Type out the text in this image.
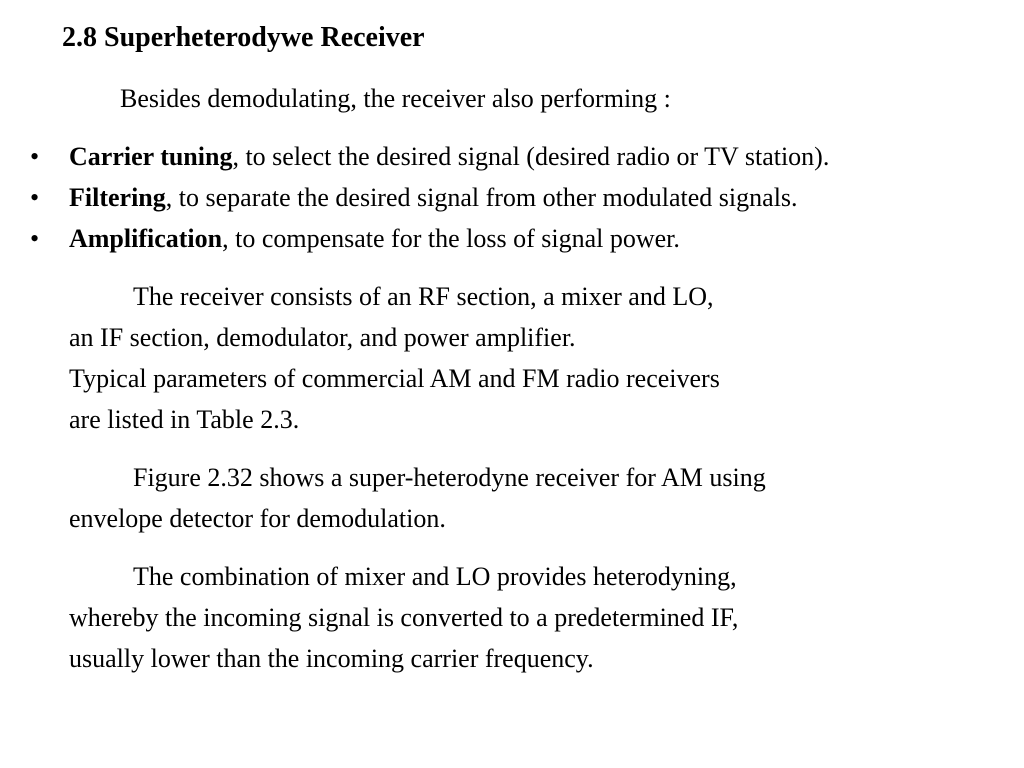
2.8 Superheterodywe Receiver
Besides demodulating, the receiver also performing :
• Carrier tuning, to select the desired signal (desired radio or TV station).
• Filtering, to separate the desired signal from other modulated signals.
• Amplification, to compensate for the loss of signal power.
The receiver consists of an RF section, a mixer and LO,
an IF section, demodulator, and power amplifier.
Typical parameters of commercial AM and FM radio receivers
are listed in Table 2.3.
Figure 2.32 shows a super-heterodyne receiver for AM using
envelope detector for demodulation.
The combination of mixer and LO provides heterodyning,
whereby the incoming signal is converted to a predetermined IF,
usually lower than the incoming carrier frequency.
